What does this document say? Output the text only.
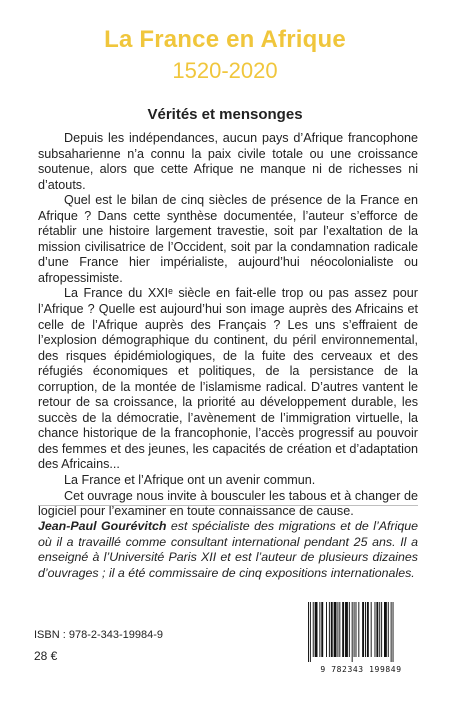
La France en Afrique
1520-2020
Vérités et mensonges

Depuis les indépendances, aucun pays d’Afrique francophone subsaharienne n’a connu la paix civile totale ou une croissance soutenue, alors que cette Afrique ne manque ni de richesses ni d’atouts.

Quel est le bilan de cinq siècles de présence de la France en Afrique ? Dans cette synthèse documentée, l’auteur s’efforce de rétablir une histoire largement travestie, soit par l’exaltation de la mission civilisatrice de l’Occident, soit par la condamnation radicale d’une France hier impérialiste, aujourd’hui néocolonialiste ou afropessimiste.

La France du XXIᵉ siècle en fait-elle trop ou pas assez pour l’Afrique ? Quelle est aujourd’hui son image auprès des Africains et celle de l’Afrique auprès des Français ? Les uns s’effraient de l’explosion démographique du continent, du péril environnemental, des risques épidémiologiques, de la fuite des cerveaux et des réfugiés économiques et politiques, de la persistance de la corruption, de la montée de l’islamisme radical. D’autres vantent le retour de sa croissance, la priorité au développement durable, les succès de la démocratie, l’avènement de l’immigration virtuelle, la chance historique de la francophonie, l’accès progressif au pouvoir des femmes et des jeunes, les capacités de création et d’adaptation des Africains...

La France et l’Afrique ont un avenir commun.

Cet ouvrage nous invite à bousculer les tabous et à changer de logiciel pour l’examiner en toute connaissance de cause.

Jean-Paul Gourévitch est spécialiste des migrations et de l’Afrique où il a travaillé comme consultant international pendant 25 ans. Il a enseigné à l’Université Paris XII et est l’auteur de plusieurs dizaines d’ouvrages ; il a été commissaire de cinq expositions internationales.
ISBN : 978-2-343-19984-9
28 €
9 782343 199849
